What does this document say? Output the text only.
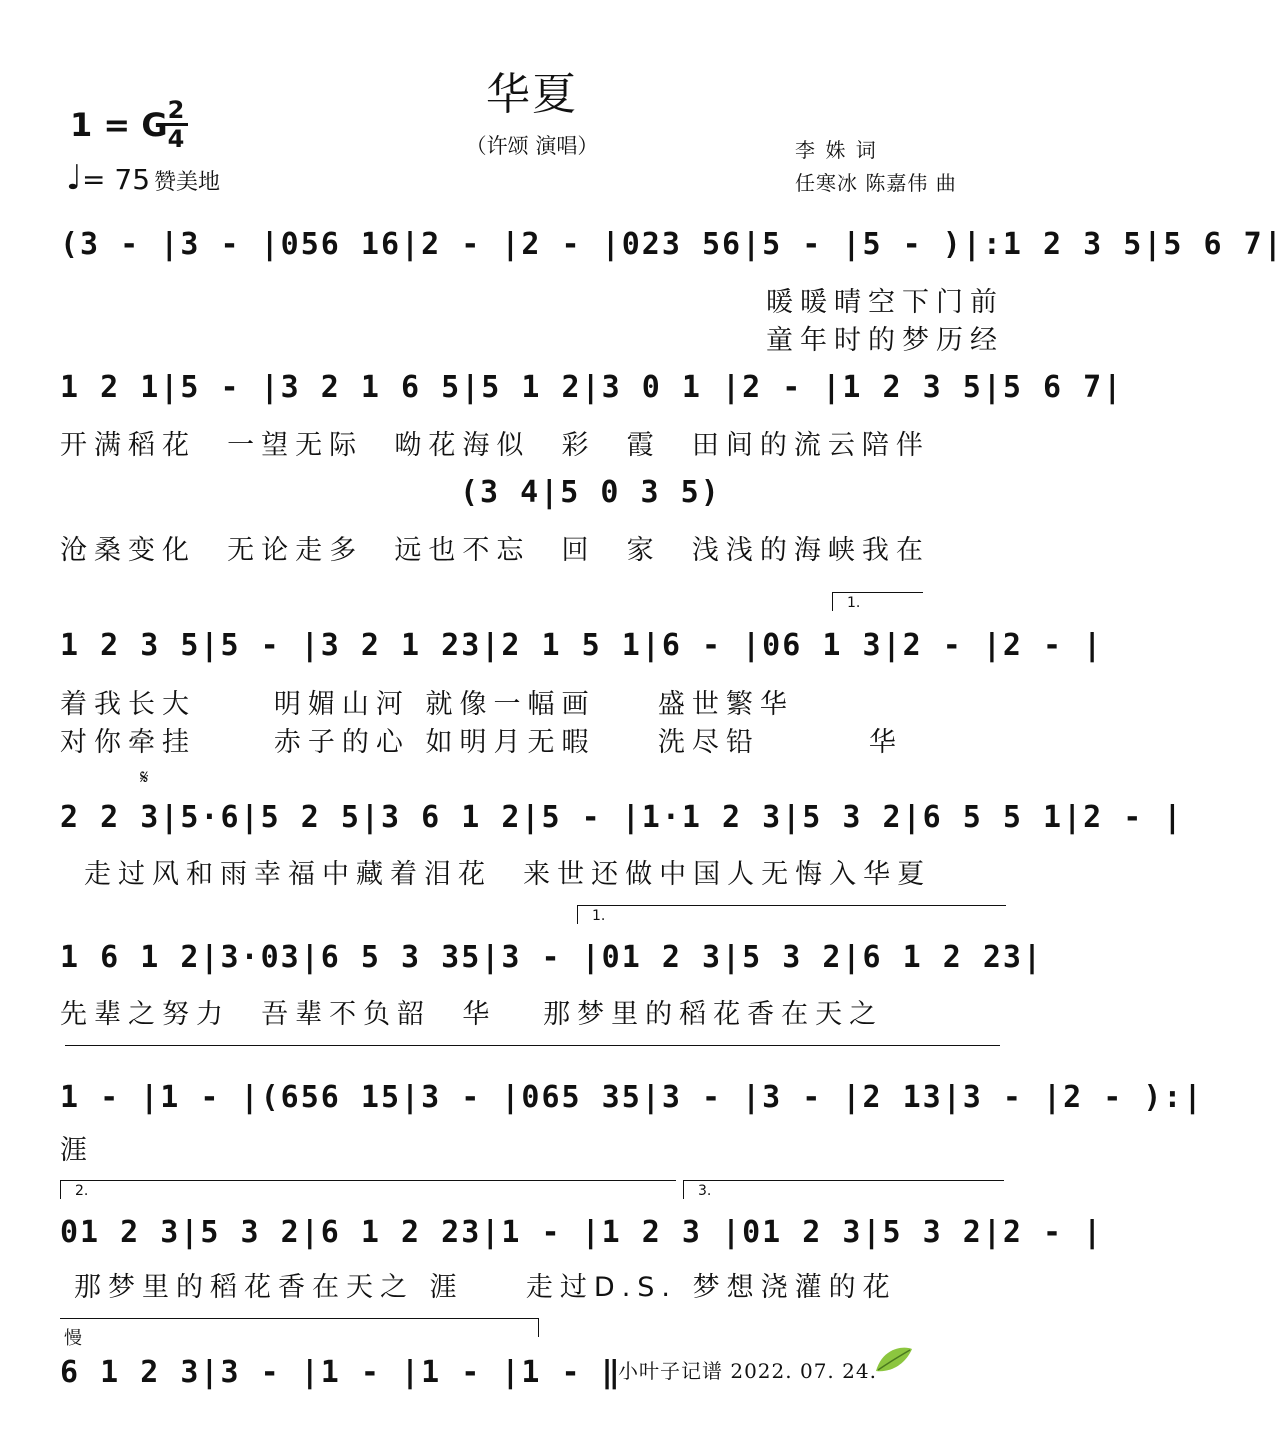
华夏
（许颂 演唱）
1 = G 2
4
♩= 75 赞美地
李 姝 词
任寒冰 陈嘉伟 曲
(3 - |3 - |056 16|2 - |2 - |023 56|5 - |5 - )|:1 2 3 5|5 6 7|
暖暖晴空下门前
童年时的梦历经
1 2 1|5 - |3 2 1 6 5|5 1 2|3 0 1 |2 - |1 2 3 5|5 6 7|
开满稻花  一望无际  呦花海似  彩  霞  田间的流云陪伴
(3 4|5 0 3 5)
沧桑变化  无论走多  远也不忘  回  家  浅浅的海峡我在
1.
1 2 3 5|5 - |3 2 1 23|2 1 5 1|6 - |06 1 3|2 - |2 - |
着我长大     明媚山河 就像一幅画    盛世繁华
对你牵挂     赤子的心 如明月无暇    洗尽铅       华
𝄋
2 2 3|5·6|5 2 5|3 6 1 2|5 - |1·1 2 3|5 3 2|6 5 5 1|2 - |
走过风和雨幸福中藏着泪花  来世还做中国人无悔入华夏
1.
1 6 1 2|3·03|6 5 3 35|3 - |01 2 3|5 3 2|6 1 2 23|
先辈之努力  吾辈不负韶  华   那梦里的稻花香在天之
1 - |1 - |(656 15|3 - |065 35|3 - |3 - |2 13|3 - |2 - ):|
涯
2.	3.
01 2 3|5 3 2|6 1 2 23|1 - |1 2 3 |01 2 3|5 3 2|2 - |
那梦里的稻花香在天之 涯    走过D.S. 梦想浇灌的花
慢
6 1 2 3|3 - |1 - |1 - |1 - ‖
小叶子记谱 2022. 07. 24.
